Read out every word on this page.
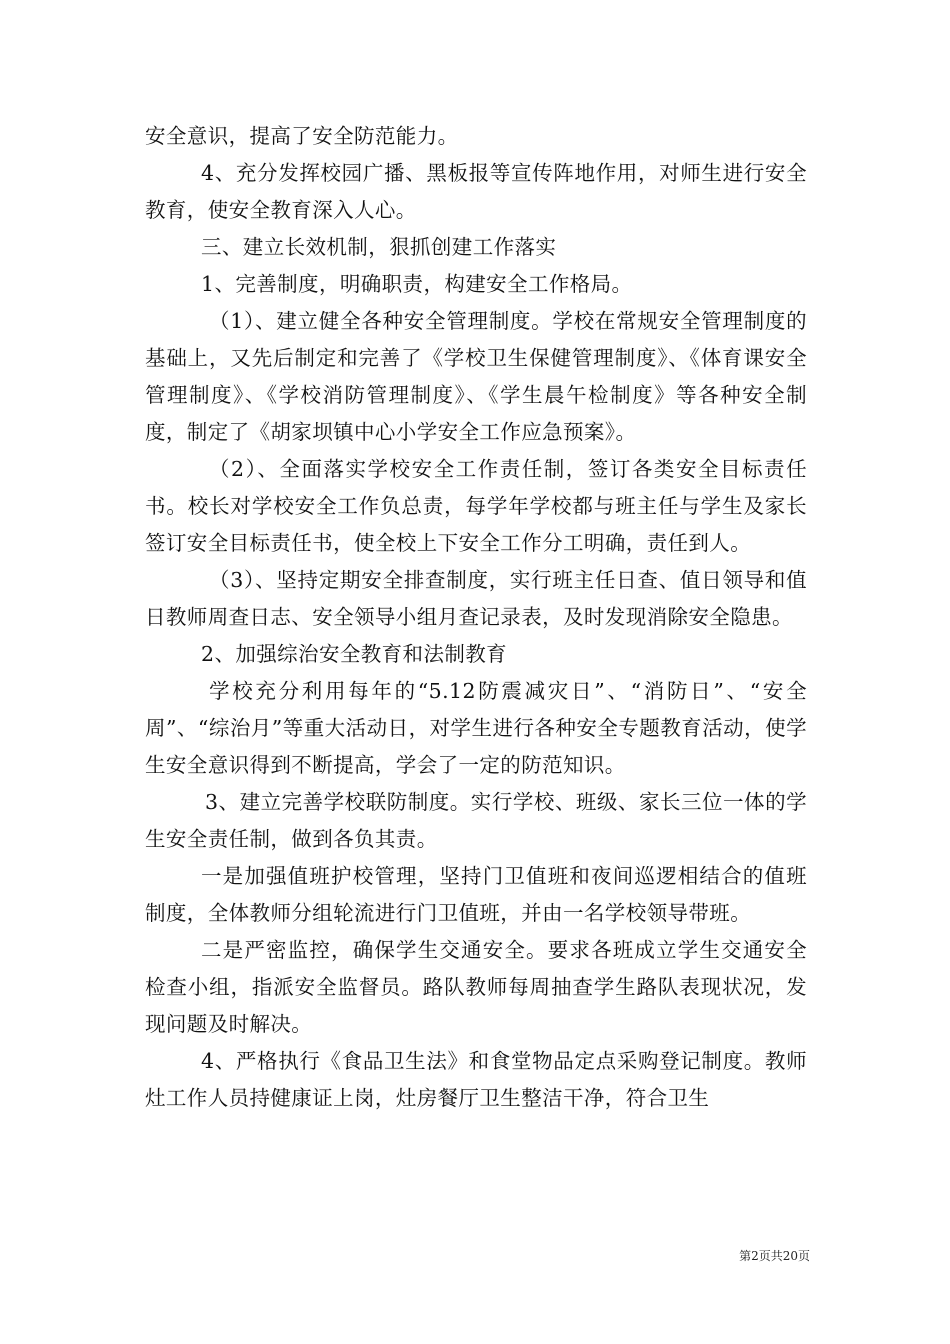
安全意识，提高了安全防范能力。

4、充分发挥校园广播、黑板报等宣传阵地作用，对师生进行安全教育，使安全教育深入人心。

三、建立长效机制，狠抓创建工作落实

1、完善制度，明确职责，构建安全工作格局。

（1）、建立健全各种安全管理制度。学校在常规安全管理制度的基础上，又先后制定和完善了《学校卫生保健管理制度》、《体育课安全管理制度》、《学校消防管理制度》、《学生晨午检制度》等各种安全制度，制定了《胡家坝镇中心小学安全工作应急预案》。

（2）、全面落实学校安全工作责任制，签订各类安全目标责任书。校长对学校安全工作负总责，每学年学校都与班主任与学生及家长签订安全目标责任书，使全校上下安全工作分工明确，责任到人。

（3）、坚持定期安全排查制度，实行班主任日查、值日领导和值日教师周查日志、安全领导小组月查记录表，及时发现消除安全隐患。

2、加强综治安全教育和法制教育

学校充分利用每年的“5.12防震减灾日”、“消防日”、“安全周”、“综治月”等重大活动日，对学生进行各种安全专题教育活动，使学生安全意识得到不断提高，学会了一定的防范知识。

3、建立完善学校联防制度。实行学校、班级、家长三位一体的学生安全责任制，做到各负其责。

一是加强值班护校管理，坚持门卫值班和夜间巡逻相结合的值班制度，全体教师分组轮流进行门卫值班，并由一名学校领导带班。

二是严密监控，确保学生交通安全。要求各班成立学生交通安全检查小组，指派安全监督员。路队教师每周抽查学生路队表现状况，发现问题及时解决。

4、严格执行《食品卫生法》和食堂物品定点采购登记制度。教师灶工作人员持健康证上岗，灶房餐厅卫生整洁干净，符合卫生

第2页共20页
